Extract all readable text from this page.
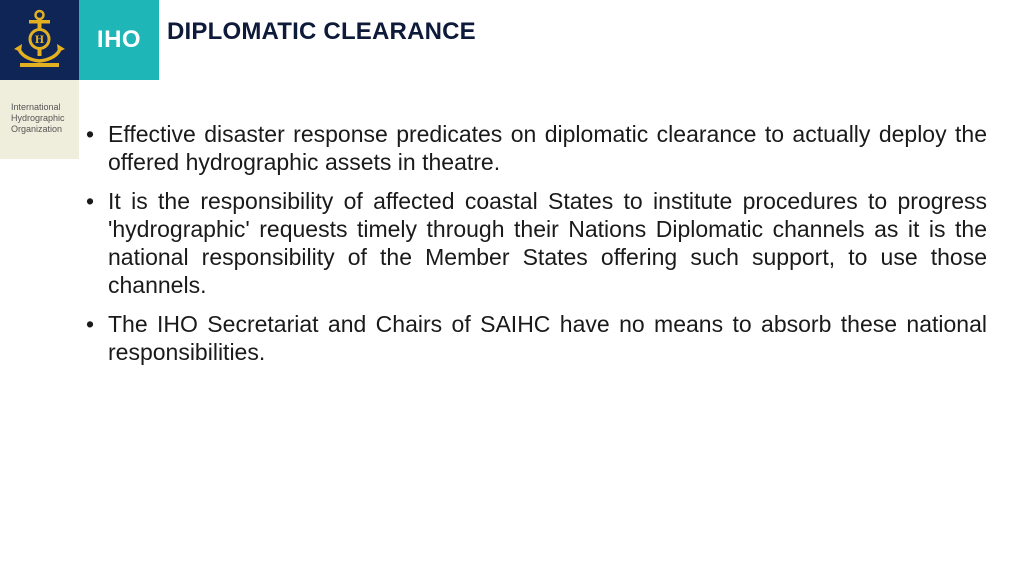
H	IHO
International
Hydrographic
Organization
DIPLOMATIC CLEARANCE
• Effective disaster response predicates on diplomatic clearance to actually deploy the offered hydrographic assets in theatre.
• It is the responsibility of affected coastal States to institute procedures to progress 'hydrographic' requests timely through their Nations Diplomatic channels as it is the national responsibility of the Member States offering such support, to use those channels.
• The IHO Secretariat and Chairs of SAIHC have no means to absorb these national responsibilities.
